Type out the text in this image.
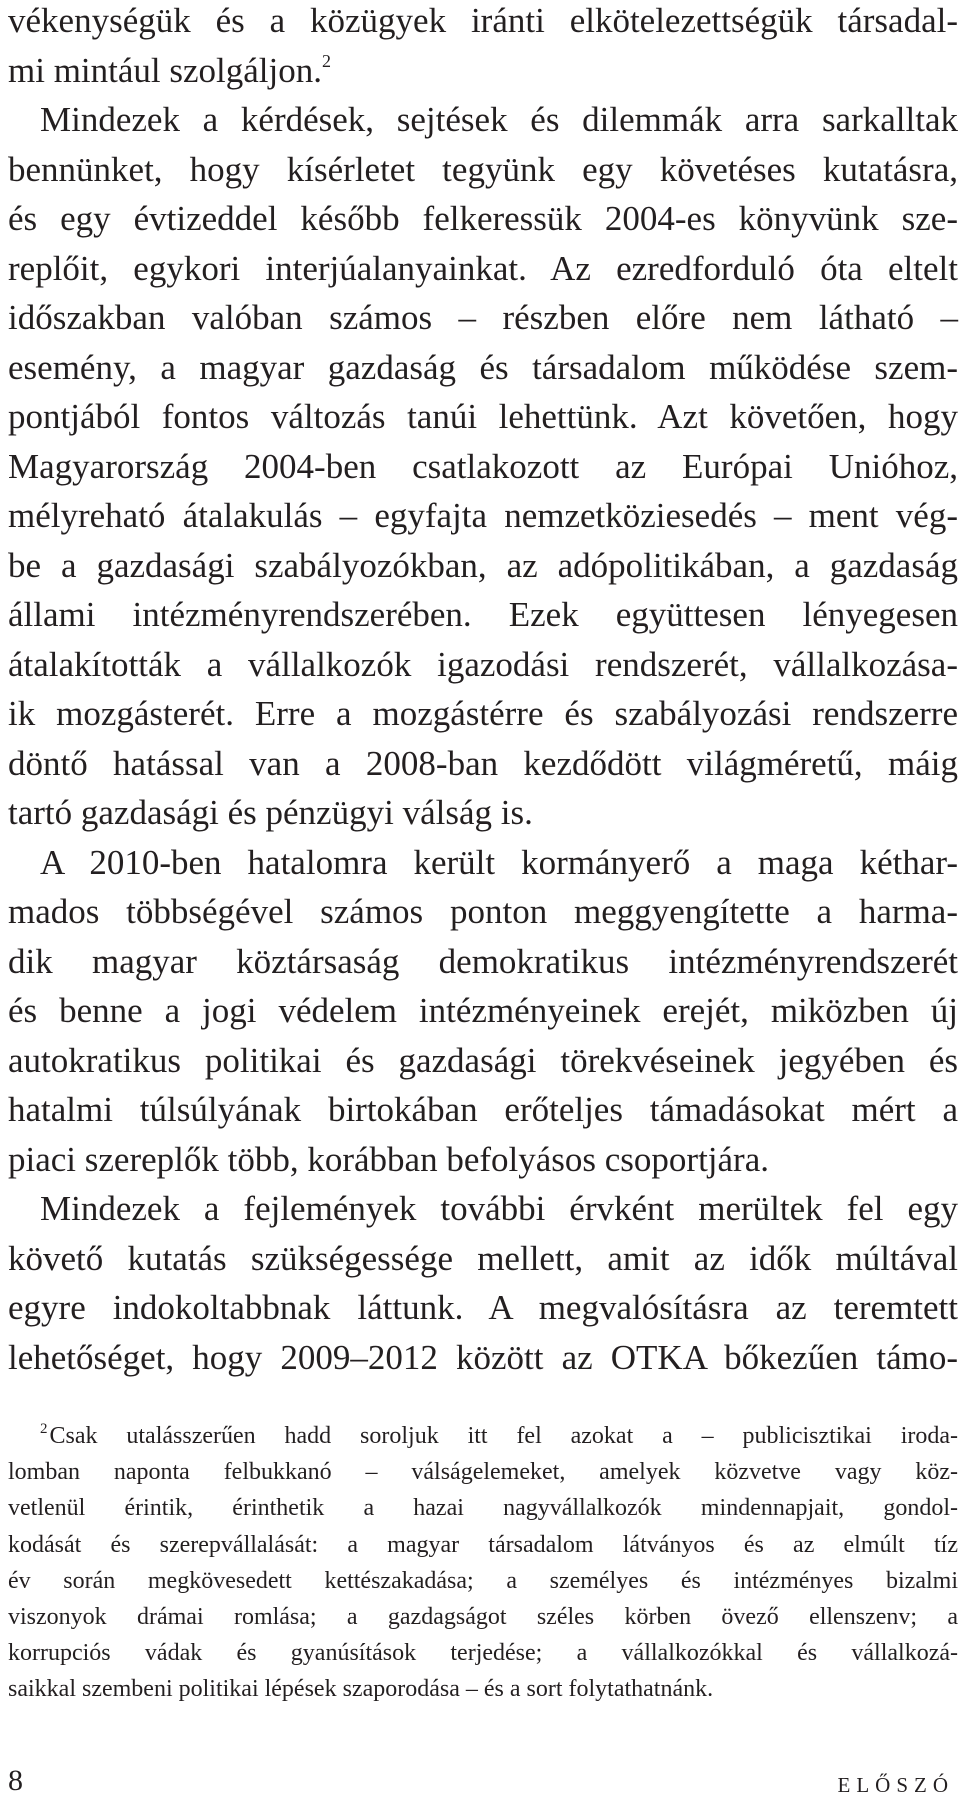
vékenységük és a közügyek iránti elkötelezettségük társadal-
mi mintául szolgáljon.$^2$
Mindezek a kérdések, sejtések és dilemmák arra sarkalltak
bennünket, hogy kísérletet tegyünk egy követéses kutatásra,
és egy évtizeddel később felkeressük 2004-es könyvünk sze-
replőit, egykori interjúalanyainkat. Az ezredforduló óta eltelt
időszakban valóban számos – részben előre nem látható –
esemény, a magyar gazdaság és társadalom működése szem-
pontjából fontos változás tanúi lehettünk. Azt követően, hogy
Magyarország 2004-ben csatlakozott az Európai Unióhoz,
mélyreható átalakulás – egyfajta nemzetköziesedés – ment vég-
be a gazdasági szabályozókban, az adópolitikában, a gazdaság
állami intézményrendszerében. Ezek együttesen lényegesen
átalakították a vállalkozók igazodási rendszerét, vállalkozása-
ik mozgásterét. Erre a mozgástérre és szabályozási rendszerre
döntő hatással van a 2008-ban kezdődött világméretű, máig
tartó gazdasági és pénzügyi válság is.
A 2010-ben hatalomra került kormányerő a maga kéthar-
mados többségével számos ponton meggyengítette a harma-
dik magyar köztársaság demokratikus intézményrendszerét
és benne a jogi védelem intézményeinek erejét, miközben új
autokratikus politikai és gazdasági törekvéseinek jegyében és
hatalmi túlsúlyának birtokában erőteljes támadásokat mért a
piaci szereplők több, korábban befolyásos csoportjára.
Mindezek a fejlemények további érvként merültek fel egy
követő kutatás szükségessége mellett, amit az idők múltával
egyre indokoltabbnak láttunk. A megvalósításra az teremtett
lehetőséget, hogy 2009–2012 között az OTKA bőkezűen támo-
$^2$Csak utalásszerűen hadd soroljuk itt fel azokat a – publicisztikai iroda-
lomban naponta felbukkanó – válságelemeket, amelyek közvetve vagy köz-
vetlenül érintik, érinthetik a hazai nagyvállalkozók mindennapjait, gondol-
kodását és szerepvállalását: a magyar társadalom látványos és az elmúlt tíz
év során megkövesedett kettészakadása; a személyes és intézményes bizalmi
viszonyok drámai romlása; a gazdagságot széles körben övező ellenszenv; a
korrupciós vádak és gyanúsítások terjedése; a vállalkozókkal és vállalkozá-
saikkal szembeni politikai lépések szaporodása – és a sort folytathatnánk.
8	ELŐSZÓ
